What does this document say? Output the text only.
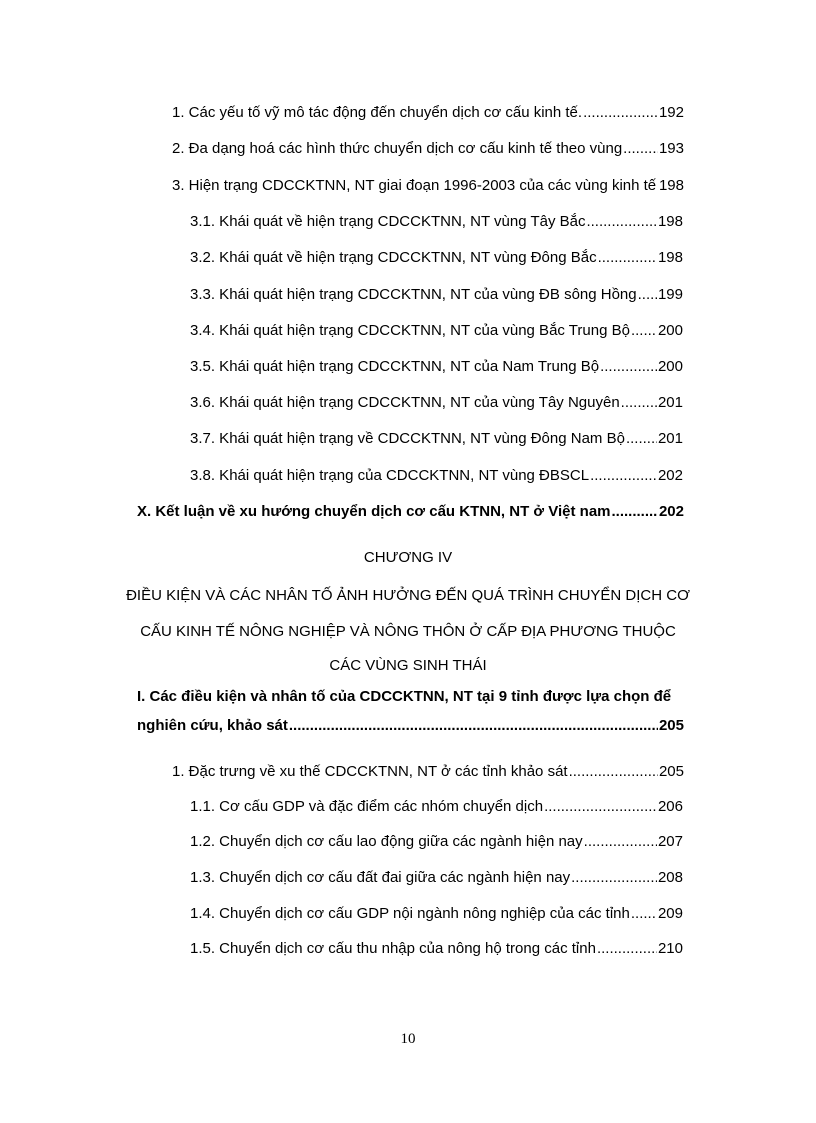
1. Các yếu tố vỹ mô tác động đến chuyển dịch cơ cấu kinh tế. .....	192
2. Đa dạng hoá các hình thức chuyển dịch cơ cấu kinh tế theo vùng ..... 193
3. Hiện trạng CDCCKTNN, NT giai đoạn 1996-2003 của các vùng kinh tế ..... 198
3.1. Khái quát về hiện trạng CDCCKTNN, NT vùng Tây Bắc .....	198
3.2. Khái quát về hiện trạng CDCCKTNN, NT vùng Đông Bắc .....	198
3.3. Khái quát hiện trạng CDCCKTNN, NT của vùng ĐB sông Hồng ..... 199
3.4. Khái quát hiện trạng CDCCKTNN, NT của vùng Bắc Trung Bộ ..... 200
3.5. Khái quát hiện trạng CDCCKTNN, NT của Nam Trung Bộ .....	200
3.6. Khái quát hiện trạng CDCCKTNN, NT của vùng Tây Nguyên .....	201
3.7. Khái quát hiện trạng về CDCCKTNN, NT vùng Đông Nam Bộ ..... 201
3.8. Khái quát hiện trạng của CDCCKTNN, NT vùng ĐBSCL .....	202
X. Kết luận về xu hướng chuyển dịch cơ cấu KTNN, NT ở Việt nam .....	202
CHƯƠNG IV
ĐIỀU KIỆN VÀ CÁC NHÂN TỐ ẢNH HƯỞNG ĐẾN QUÁ TRÌNH CHUYỂN DỊCH CƠ
CẤU KINH TẾ NÔNG NGHIỆP VÀ NÔNG THÔN Ở CẤP ĐỊA PHƯƠNG THUỘC
CÁC VÙNG SINH THÁI
I. Các điều kiện và nhân tố của CDCCKTNN, NT tại 9 tỉnh được lựa chọn để
nghiên cứu, khảo sát .....	205
1. Đặc trưng về xu thế CDCCKTNN, NT ở các tỉnh khảo sát .....	205
1.1. Cơ cấu GDP và đặc điểm các nhóm chuyển dịch .....	206
1.2. Chuyển dịch cơ cấu lao động giữa các ngành hiện nay .....	207
1.3. Chuyển dịch cơ cấu đất đai giữa các ngành hiện nay .....	208
1.4. Chuyển dịch cơ cấu GDP nội ngành nông nghiệp của các tỉnh ..... 209
1.5. Chuyển dịch cơ cấu thu nhập của nông hộ trong các tỉnh .....	210
10
